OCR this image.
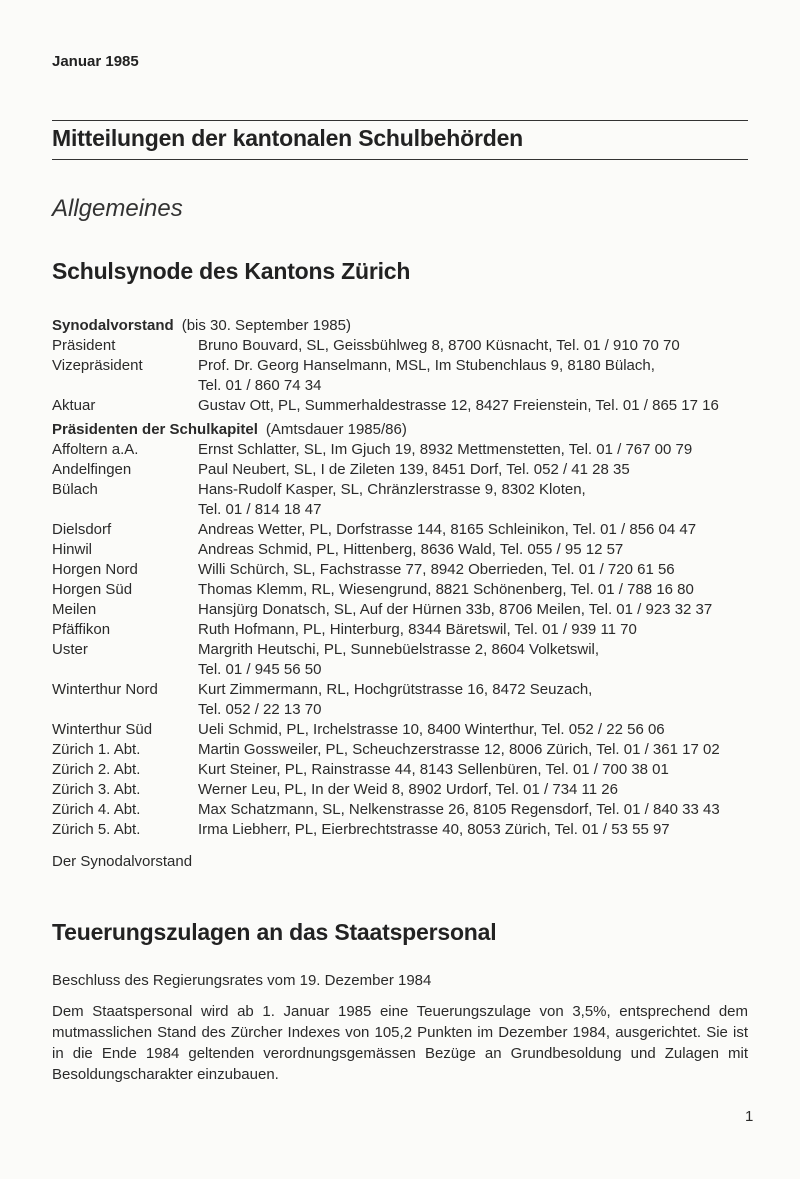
Januar 1985
Mitteilungen der kantonalen Schulbehörden
Allgemeines
Schulsynode des Kantons Zürich
Synodalvorstand (bis 30. September 1985)
Präsident	Bruno Bouvard, SL, Geissbühlweg 8, 8700 Küsnacht, Tel. 01 / 910 70 70
Vizepräsident	Prof. Dr. Georg Hanselmann, MSL, Im Stubenchlaus 9, 8180 Bülach,
Tel. 01 / 860 74 34
Aktuar	Gustav Ott, PL, Summerhaldestrasse 12, 8427 Freienstein, Tel. 01 / 865 17 16
Präsidenten der Schulkapitel (Amtsdauer 1985/86)
Affoltern a.A.	Ernst Schlatter, SL, Im Gjuch 19, 8932 Mettmenstetten, Tel. 01 / 767 00 79
Andelfingen	Paul Neubert, SL, I de Zileten 139, 8451 Dorf, Tel. 052 / 41 28 35
Bülach	Hans-Rudolf Kasper, SL, Chränzlerstrasse 9, 8302 Kloten,
Tel. 01 / 814 18 47
Dielsdorf	Andreas Wetter, PL, Dorfstrasse 144, 8165 Schleinikon, Tel. 01 / 856 04 47
Hinwil	Andreas Schmid, PL, Hittenberg, 8636 Wald, Tel. 055 / 95 12 57
Horgen Nord	Willi Schürch, SL, Fachstrasse 77, 8942 Oberrieden, Tel. 01 / 720 61 56
Horgen Süd	Thomas Klemm, RL, Wiesengrund, 8821 Schönenberg, Tel. 01 / 788 16 80
Meilen	Hansjürg Donatsch, SL, Auf der Hürnen 33b, 8706 Meilen, Tel. 01 / 923 32 37
Pfäffikon	Ruth Hofmann, PL, Hinterburg, 8344 Bäretswil, Tel. 01 / 939 11 70
Uster	Margrith Heutschi, PL, Sunnebüelstrasse 2, 8604 Volketswil,
Tel. 01 / 945 56 50
Winterthur Nord	Kurt Zimmermann, RL, Hochgrütstrasse 16, 8472 Seuzach,
Tel. 052 / 22 13 70
Winterthur Süd	Ueli Schmid, PL, Irchelstrasse 10, 8400 Winterthur, Tel. 052 / 22 56 06
Zürich 1. Abt.	Martin Gossweiler, PL, Scheuchzerstrasse 12, 8006 Zürich, Tel. 01 / 361 17 02
Zürich 2. Abt.	Kurt Steiner, PL, Rainstrasse 44, 8143 Sellenbüren, Tel. 01 / 700 38 01
Zürich 3. Abt.	Werner Leu, PL, In der Weid 8, 8902 Urdorf, Tel. 01 / 734 11 26
Zürich 4. Abt.	Max Schatzmann, SL, Nelkenstrasse 26, 8105 Regensdorf, Tel. 01 / 840 33 43
Zürich 5. Abt.	Irma Liebherr, PL, Eierbrechtstrasse 40, 8053 Zürich, Tel. 01 / 53 55 97
Der Synodalvorstand
Teuerungszulagen an das Staatspersonal
Beschluss des Regierungsrates vom 19. Dezember 1984
Dem Staatspersonal wird ab 1. Januar 1985 eine Teuerungszulage von 3,5%, entsprechend dem mutmasslichen Stand des Zürcher Indexes von 105,2 Punkten im Dezember 1984, ausgerichtet. Sie ist in die Ende 1984 geltenden verordnungsgemässen Bezüge an Grundbesoldung und Zulagen mit Besoldungscharakter einzubauen.
1
